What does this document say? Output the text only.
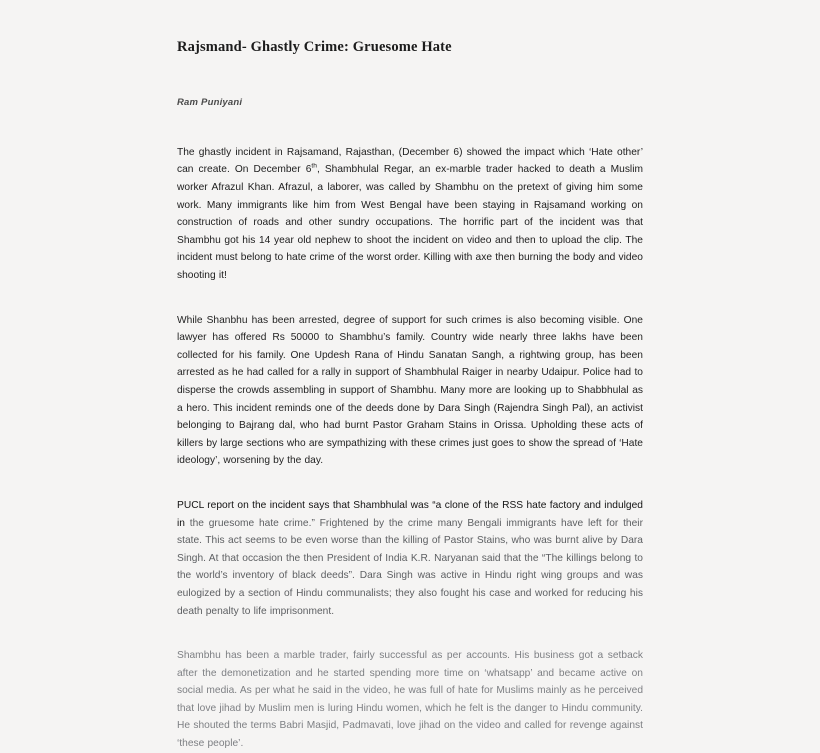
Rajsmand- Ghastly Crime: Gruesome Hate
Ram Puniyani

The ghastly incident in Rajsamand, Rajasthan, (December 6) showed the impact which ‘Hate other’ can create. On December 6th, Shambhulal Regar, an ex-marble trader hacked to death a Muslim worker Afrazul Khan. Afrazul, a laborer, was called by Shambhu on the pretext of giving him some work. Many immigrants like him from West Bengal have been staying in Rajsamand working on construction of roads and other sundry occupations. The horrific part of the incident was that Shambhu got his 14 year old nephew to shoot the incident on video and then to upload the clip. The incident must belong to hate crime of the worst order. Killing with axe then burning the body and video shooting it!

While Shanbhu has been arrested, degree of support for such crimes is also becoming visible. One lawyer has offered Rs 50000 to Shambhu’s family. Country wide nearly three lakhs have been collected for his family. One Updesh Rana of Hindu Sanatan Sangh, a rightwing group, has been arrested as he had called for a rally in support of Shambhulal Raiger in nearby Udaipur. Police had to disperse the crowds assembling in support of Shambhu. Many more are looking up to Shabbhulal as a hero. This incident reminds one of the deeds done by Dara Singh (Rajendra Singh Pal), an activist belonging to Bajrang dal, who had burnt Pastor Graham Stains in Orissa. Upholding these acts of killers by large sections who are sympathizing with these crimes just goes to show the spread of ‘Hate ideology’, worsening by the day.

PUCL report on the incident says that Shambhulal was “a clone of the RSS hate factory and indulged in the gruesome hate crime.” Frightened by the crime many Bengali immigrants have left for their state. This act seems to be even worse than the killing of Pastor Stains, who was burnt alive by Dara Singh. At that occasion the then President of India K.R. Naryanan said that the “The killings belong to the world’s inventory of black deeds”. Dara Singh was active in Hindu right wing groups and was eulogized by a section of Hindu communalists; they also fought his case and worked for reducing his death penalty to life imprisonment.

Shambhu has been a marble trader, fairly successful as per accounts. His business got a setback after the demonetization and he started spending more time on ‘whatsapp’ and became active on social media. As per what he said in the video, he was full of hate for Muslims mainly as he perceived that love jihad by Muslim men is luring Hindu women, which he felt is the danger to Hindu community. He shouted the terms Babri Masjid, Padmavati, love jihad on the video and called for revenge against ‘these people’.
